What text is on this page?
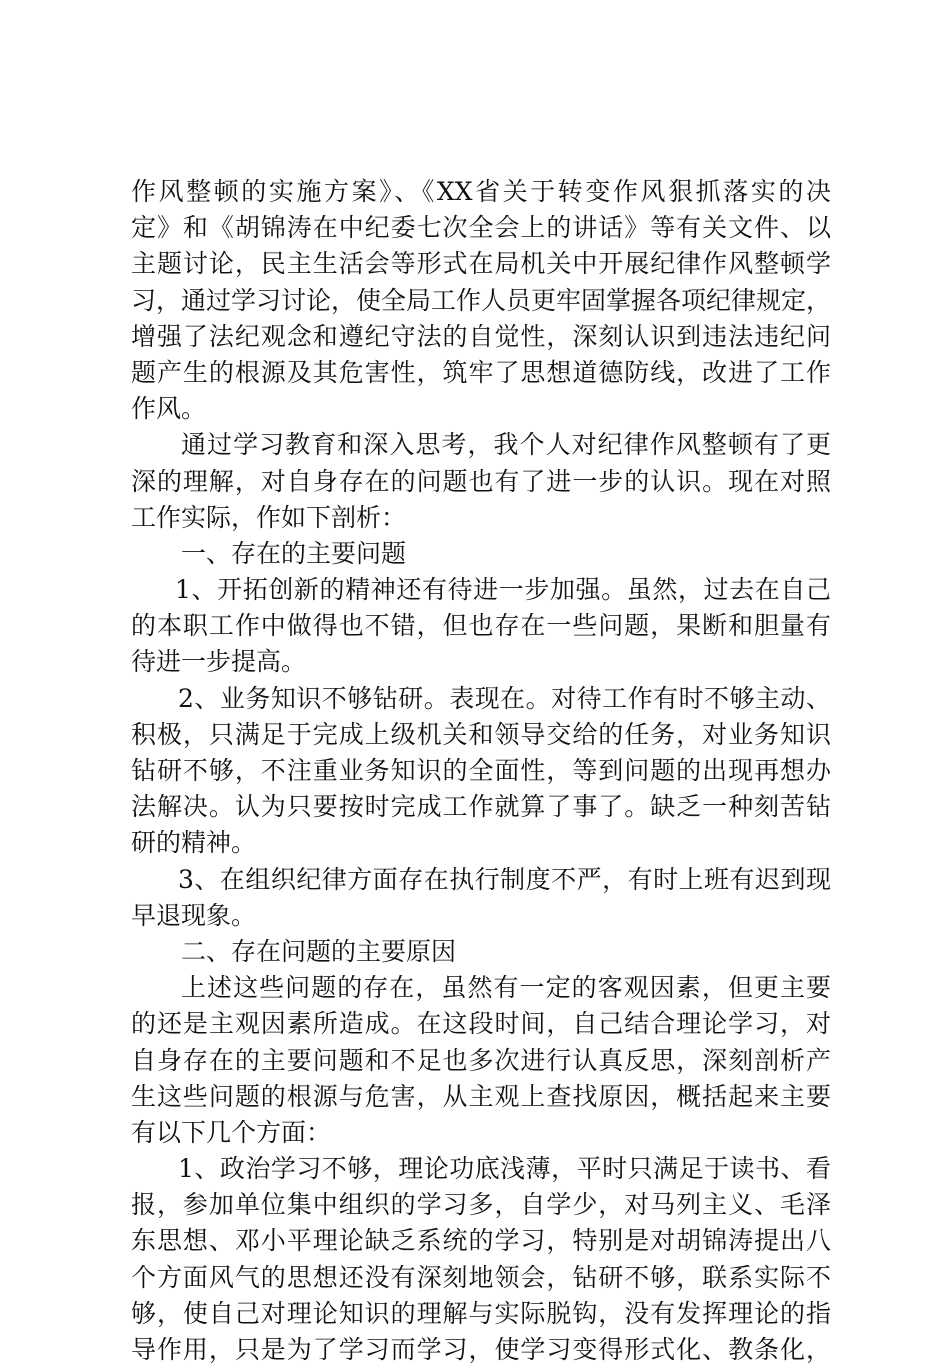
作风整顿的实施方案》、《XX省关于转变作风狠抓落实的决
定》和《胡锦涛在中纪委七次全会上的讲话》等有关文件、以
主题讨论，民主生活会等形式在局机关中开展纪律作风整顿学
习，通过学习讨论，使全局工作人员更牢固掌握各项纪律规定，
增强了法纪观念和遵纪守法的自觉性，深刻认识到违法违纪问
题产生的根源及其危害性，筑牢了思想道德防线，改进了工作
作风。
通过学习教育和深入思考，我个人对纪律作风整顿有了更
深的理解，对自身存在的问题也有了进一步的认识。现在对照
工作实际，作如下剖析：
一、存在的主要问题
1、开拓创新的精神还有待进一步加强。虽然，过去在自己
的本职工作中做得也不错，但也存在一些问题，果断和胆量有
待进一步提高。
2、业务知识不够钻研。表现在。对待工作有时不够主动、
积极，只满足于完成上级机关和领导交给的任务，对业务知识
钻研不够，不注重业务知识的全面性，等到问题的出现再想办
法解决。认为只要按时完成工作就算了事了。缺乏一种刻苦钻
研的精神。
3、在组织纪律方面存在执行制度不严，有时上班有迟到现
早退现象。
二、存在问题的主要原因
上述这些问题的存在，虽然有一定的客观因素，但更主要
的还是主观因素所造成。在这段时间，自己结合理论学习，对
自身存在的主要问题和不足也多次进行认真反思，深刻剖析产
生这些问题的根源与危害，从主观上查找原因，概括起来主要
有以下几个方面：
1、政治学习不够，理论功底浅薄，平时只满足于读书、看
报，参加单位集中组织的学习多，自学少，对马列主义、毛泽
东思想、邓小平理论缺乏系统的学习，特别是对胡锦涛提出八
个方面风气的思想还没有深刻地领会，钻研不够，联系实际不
够，使自己对理论知识的理解与实际脱钩，没有发挥理论的指
导作用，只是为了学习而学习，使学习变得形式化、教条化，
